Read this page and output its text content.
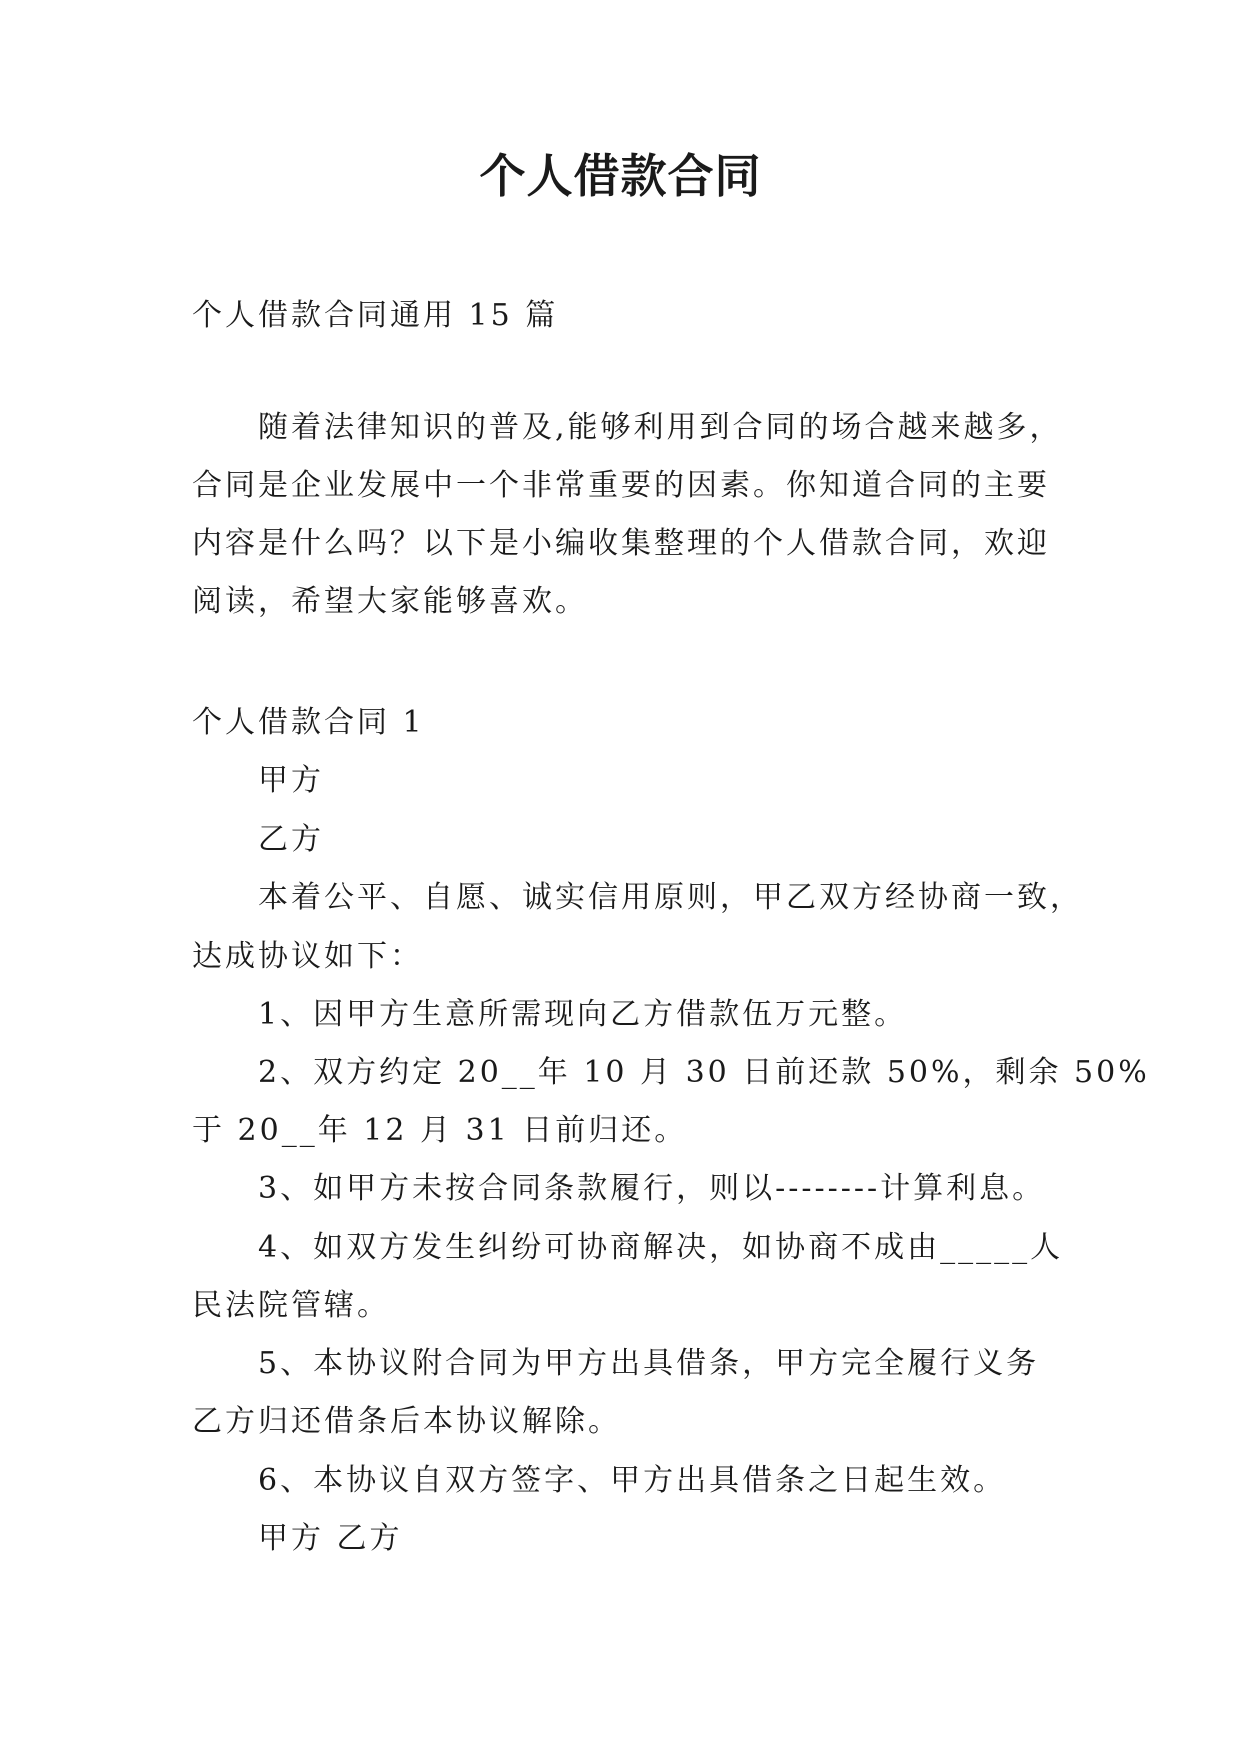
个人借款合同

个人借款合同通用 15 篇

随着法律知识的普及,能够利用到合同的场合越来越多，

合同是企业发展中一个非常重要的因素。你知道合同的主要

内容是什么吗？以下是小编收集整理的个人借款合同，欢迎

阅读，希望大家能够喜欢。

个人借款合同 1

甲方

乙方

本着公平、自愿、诚实信用原则，甲乙双方经协商一致，

达成协议如下：

1、因甲方生意所需现向乙方借款伍万元整。

2、双方约定 20__年 10 月 30 日前还款 50%，剩余 50%

于 20__年 12 月 31 日前归还。

3、如甲方未按合同条款履行，则以--------计算利息。

4、如双方发生纠纷可协商解决，如协商不成由_____人

民法院管辖。

5、本协议附合同为甲方出具借条，甲方完全履行义务

乙方归还借条后本协议解除。

6、本协议自双方签字、甲方出具借条之日起生效。

甲方 乙方
